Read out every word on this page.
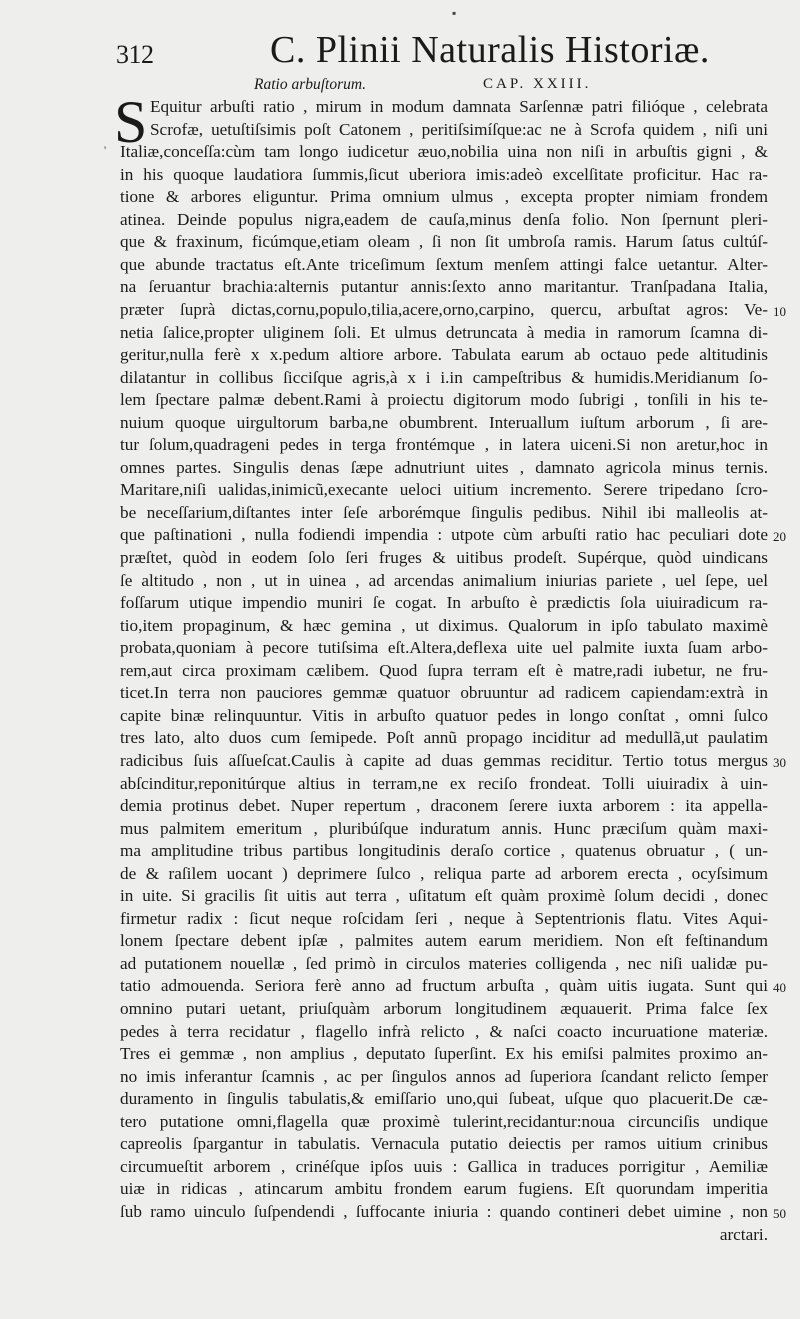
312	C. Plinii Naturalis Historiæ.
Ratio arbuſtorum.	CAP. XXIII.
S
▪
'
Equitur arbuſti ratio , mirum in modum damnata Sarſennæ patri filióque , celebrata
Scrofæ, uetuſtiſsimis poſt Catonem , peritiſsimíſque:ac ne à Scrofa quidem , niſi uni
Italiæ,conceſſa:cùm tam longo iudicetur æuo,nobilia uina non niſi in arbuſtis gigni , &
in his quoque laudatiora ſummis,ſicut uberiora imis:adeò excelſitate proficitur. Hac ra-
tione & arbores eliguntur. Prima omnium ulmus , excepta propter nimiam frondem
atinea. Deinde populus nigra,eadem de cauſa,minus denſa folio. Non ſpernunt pleri-
que & fraxinum, ficúmque,etiam oleam , ſi non ſit umbroſa ramis. Harum ſatus cultúſ-
que abunde tractatus eſt.Ante triceſimum ſextum menſem attingi falce uetantur. Alter-
na ſeruantur brachia:alternis putantur annis:ſexto anno maritantur. Tranſpadana Italia,
præter ſuprà dictas,cornu,populo,tilia,acere,orno,carpino, quercu, arbuſtat agros: Ve-
netia ſalice,propter uliginem ſoli. Et ulmus detruncata à media in ramorum ſcamna di-
geritur,nulla ferè x x.pedum altiore arbore. Tabulata earum ab octauo pede altitudinis
dilatantur in collibus ſicciſque agris,à x i i.in campeſtribus & humidis.Meridianum ſo-
lem ſpectare palmæ debent.Rami à proiectu digitorum modo ſubrigi , tonſili in his te-
nuium quoque uirgultorum barba,ne obumbrent. Interuallum iuſtum arborum , ſi are-
tur ſolum,quadrageni pedes in terga frontémque , in latera uiceni.Si non aretur,hoc in
omnes partes. Singulis denas ſæpe adnutriunt uites , damnato agricola minus ternis.
Maritare,niſi ualidas,inimicũ,execante ueloci uitium incremento. Serere tripedano ſcro-
be neceſſarium,diſtantes inter ſeſe arborémque ſingulis pedibus. Nihil ibi malleolis at-
que paſtinationi , nulla fodiendi impendia : utpote cùm arbuſti ratio hac peculiari dote
præſtet, quòd in eodem ſolo ſeri fruges & uitibus prodeſt. Supérque, quòd uindicans
ſe altitudo , non , ut in uinea , ad arcendas animalium iniurias pariete , uel ſepe, uel
foſſarum utique impendio muniri ſe cogat. In arbuſto è prædictis ſola uiuiradicum ra-
tio,item propaginum, & hæc gemina , ut diximus. Qualorum in ipſo tabulato maximè
probata,quoniam à pecore tutiſsima eſt.Altera,deflexa uite uel palmite iuxta ſuam arbo-
rem,aut circa proximam cælibem. Quod ſupra terram eſt è matre,radi iubetur, ne fru-
ticet.In terra non pauciores gemmæ quatuor obruuntur ad radicem capiendam:extrà in
capite binæ relinquuntur. Vitis in arbuſto quatuor pedes in longo conſtat , omni ſulco
tres lato, alto duos cum ſemipede. Poſt annũ propago inciditur ad medullã,ut paulatim
radicibus ſuis aſſueſcat.Caulis à capite ad duas gemmas reciditur. Tertio totus mergus
abſcinditur,reponitúrque altius in terram,ne ex reciſo frondeat. Tolli uiuiradix à uin-
demia protinus debet. Nuper repertum , draconem ſerere iuxta arborem : ita appella-
mus palmitem emeritum , pluribúſque induratum annis. Hunc præciſum quàm maxi-
ma amplitudine tribus partibus longitudinis deraſo cortice , quatenus obruatur , ( un-
de & raſilem uocant ) deprimere ſulco , reliqua parte ad arborem erecta , ocyſsimum
in uite. Si gracilis ſit uitis aut terra , uſitatum eſt quàm proximè ſolum decidi , donec
firmetur radix : ſicut neque roſcidam ſeri , neque à Septentrionis flatu. Vites Aqui-
lonem ſpectare debent ipſæ , palmites autem earum meridiem. Non eſt feſtinandum
ad putationem nouellæ , ſed primò in circulos materies colligenda , nec niſi ualidæ pu-
tatio admouenda. Seriora ferè anno ad fructum arbuſta , quàm uitis iugata. Sunt qui
omnino putari uetant, priuſquàm arborum longitudinem æquauerit. Prima falce ſex
pedes à terra recidatur , flagello infrà relicto , & naſci coacto incuruatione materiæ.
Tres ei gemmæ , non amplius , deputato ſuperſint. Ex his emiſsi palmites proximo an-
no imis inferantur ſcamnis , ac per ſingulos annos ad ſuperiora ſcandant relicto ſemper
duramento in ſingulis tabulatis,& emiſſario uno,qui ſubeat, uſque quo placuerit.De cæ-
tero putatione omni,flagella quæ proximè tulerint,recidantur:noua circunciſis undique
capreolis ſpargantur in tabulatis. Vernacula putatio deiectis per ramos uitium crinibus
circumueſtit arborem , crinéſque ipſos uuis : Gallica in traduces porrigitur , Aemiliæ
uiæ in ridicas , atincarum ambitu frondem earum fugiens. Eſt quorundam imperitia
ſub ramo uinculo ſuſpendendi , ſuffocante iniuria : quando contineri debet uimine , non
arctari.
10
20
30
40
50
